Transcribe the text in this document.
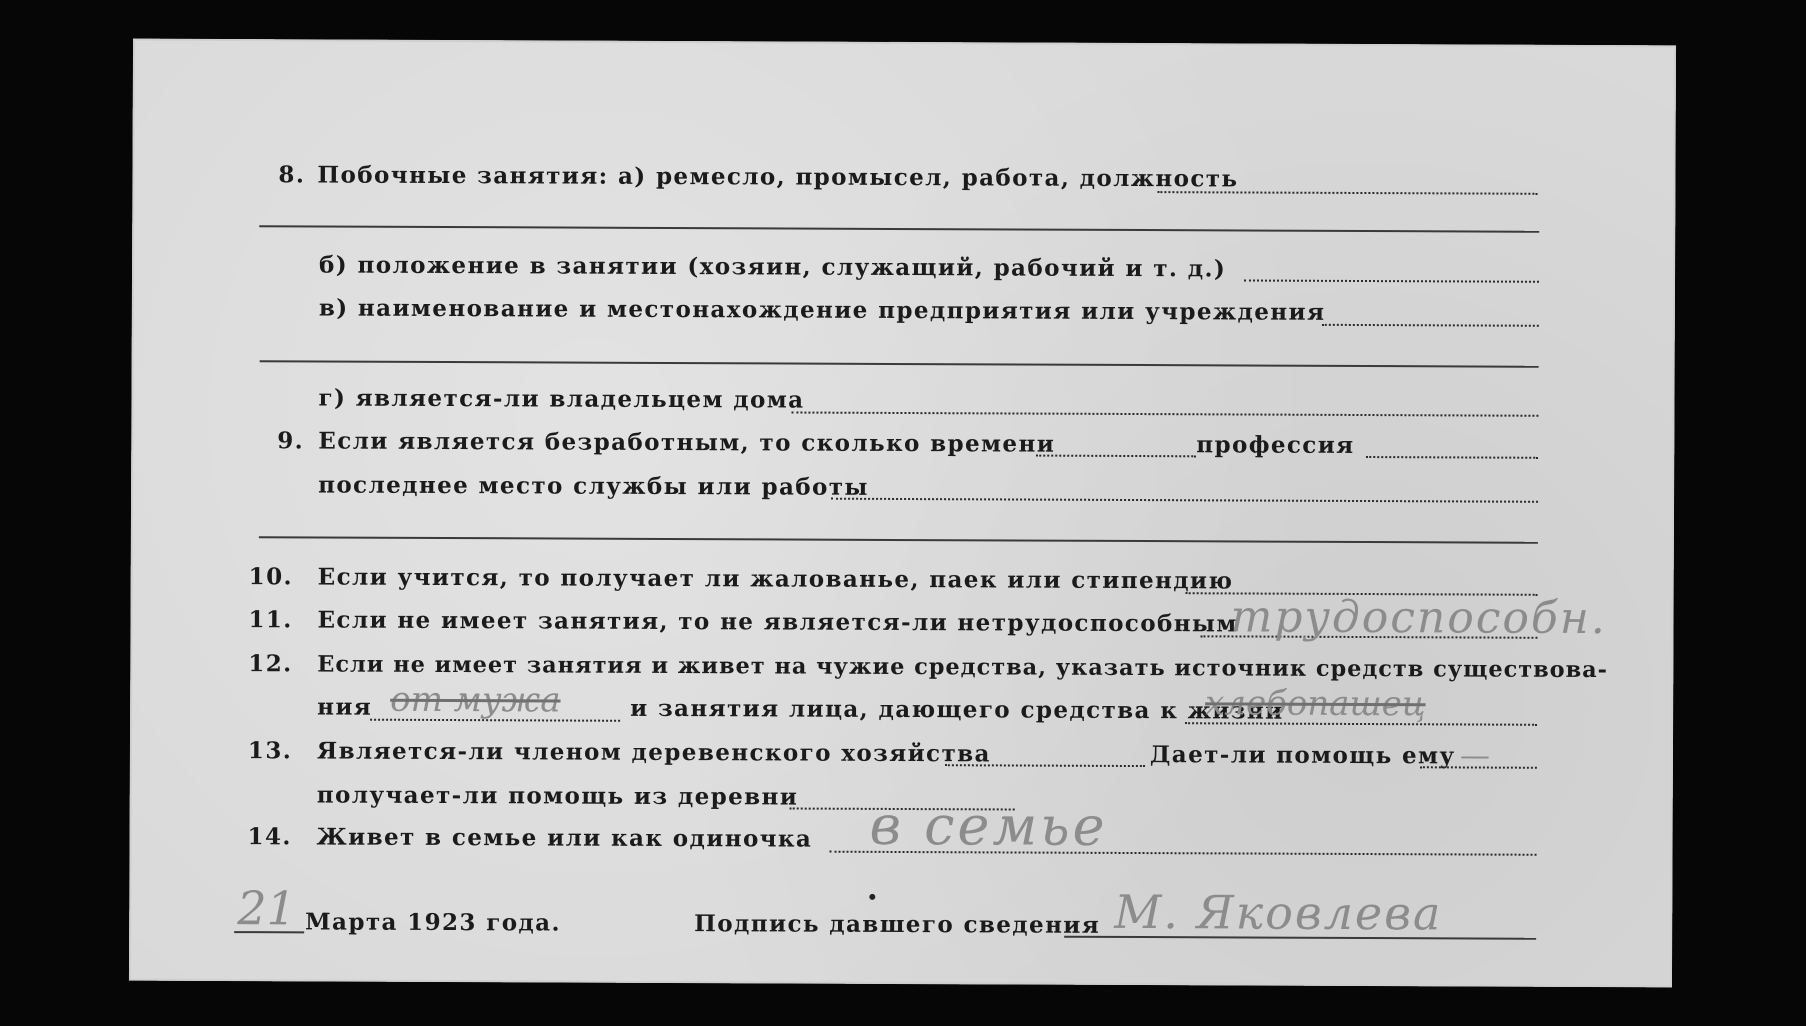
8. Побочные занятия: а) ремесло, промысел, работа, должность
б) положение в занятии (хозяин, служащий, рабочий и т. д.)
в) наименование и местонахождение предприятия или учреждения
г) является-ли владельцем дома
9. Если является безработным, то сколько времени	профессия
последнее место службы или работы
10. Если учится, то получает ли жалованье, паек или стипендию
11. Если не имеет занятия, то не является-ли нетрудоспособным
трудоспособн.
12. Если не имеет занятия и живет на чужие средства, указать источник средств существова-
ния от мужа	и занятия лица, дающего средства к жизни
хлебопашец
13. Является-ли членом деревенского хозяйства	Дает-ли помощь ему —
получает-ли помощь из деревни
14. Живет в семье или как одиночка в семье
21 Марта 1923 года.	Подпись давшего сведения М. Яковлева
